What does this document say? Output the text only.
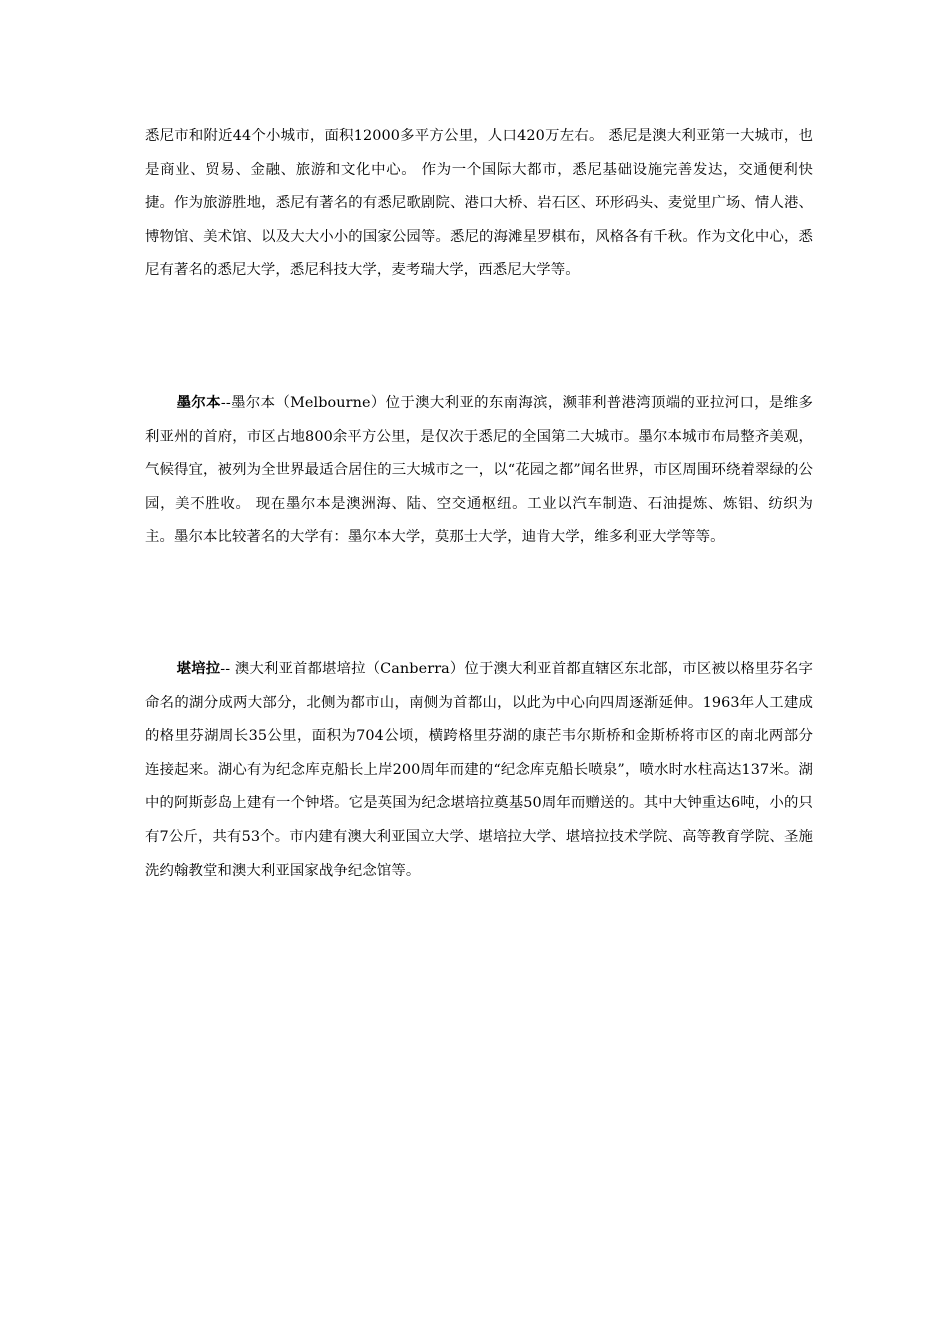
悉尼市和附近44个小城市，面积12000多平方公里，人口420万左右。 悉尼是澳大利亚第一大城市，也是商业、贸易、金融、旅游和文化中心。 作为一个国际大都市，悉尼基础设施完善发达，交通便利快捷。作为旅游胜地，悉尼有著名的有悉尼歌剧院、港口大桥、岩石区、环形码头、麦觉里广场、情人港、博物馆、美术馆、以及大大小小的国家公园等。悉尼的海滩星罗棋布，风格各有千秋。作为文化中心，悉尼有著名的悉尼大学，悉尼科技大学，麦考瑞大学，西悉尼大学等。

墨尔本--墨尔本（Melbourne）位于澳大利亚的东南海滨，濒菲利普港湾顶端的亚拉河口，是维多利亚州的首府，市区占地800余平方公里，是仅次于悉尼的全国第二大城市。墨尔本城市布局整齐美观，气候得宜，被列为全世界最适合居住的三大城市之一，以“花园之都”闻名世界，市区周围环绕着翠绿的公园，美不胜收。 现在墨尔本是澳洲海、陆、空交通枢纽。工业以汽车制造、石油提炼、炼铝、纺织为主。墨尔本比较著名的大学有：墨尔本大学，莫那士大学，迪肯大学，维多利亚大学等等。

堪培拉-- 澳大利亚首都堪培拉（Canberra）位于澳大利亚首都直辖区东北部，市区被以格里芬名字命名的湖分成两大部分，北侧为都市山，南侧为首都山，以此为中心向四周逐渐延伸。1963年人工建成的格里芬湖周长35公里，面积为704公顷，横跨格里芬湖的康芒韦尔斯桥和金斯桥将市区的南北两部分连接起来。湖心有为纪念库克船长上岸200周年而建的“纪念库克船长喷泉”，喷水时水柱高达137米。湖中的阿斯彭岛上建有一个钟塔。它是英国为纪念堪培拉奠基50周年而赠送的。其中大钟重达6吨，小的只有7公斤，共有53个。市内建有澳大利亚国立大学、堪培拉大学、堪培拉技术学院、高等教育学院、圣施洗约翰教堂和澳大利亚国家战争纪念馆等。
